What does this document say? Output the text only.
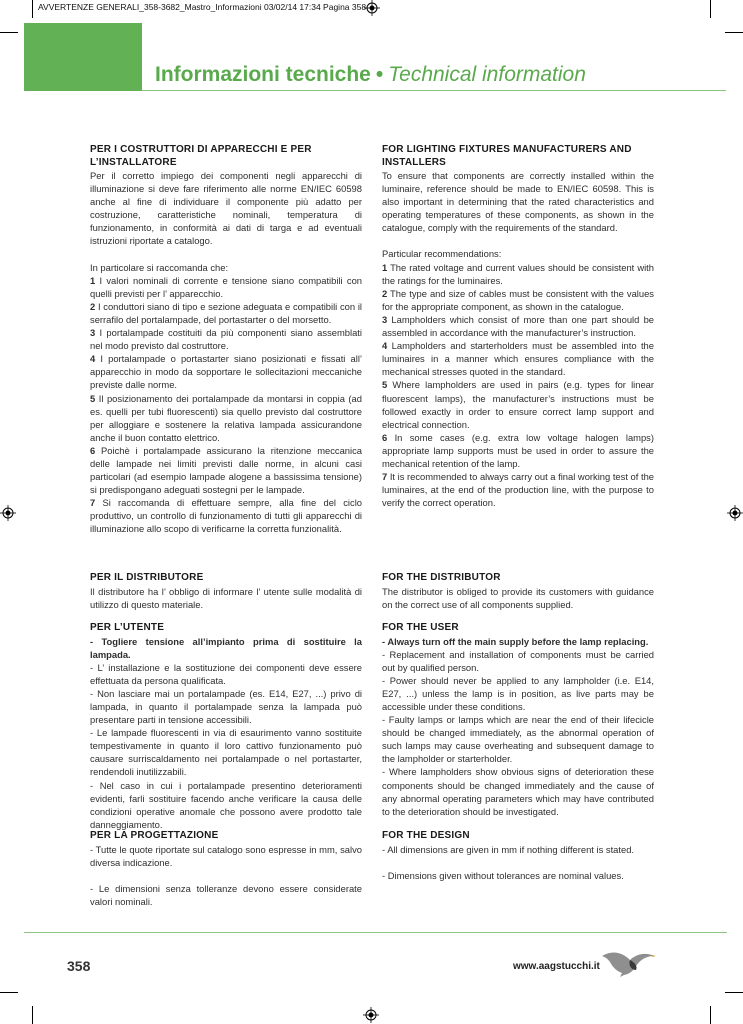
AVVERTENZE GENERALI_358-3682_Mastro_Informazioni 03/02/14 17:34 Pagina 358
Informazioni tecniche • Technical information
PER I COSTRUTTORI DI APPARECCHI E PER L’INSTALLATORE

Per il corretto impiego dei componenti negli apparecchi di illuminazione si deve fare riferimento alle norme EN/IEC 60598 anche al fine di individuare il componente più adatto per costruzione, caratteristiche nominali, temperatura di funzionamento, in conformità ai dati di targa e ad eventuali istruzioni riportate a catalogo.

In particolare si raccomanda che:

1 I valori nominali di corrente e tensione siano compatibili con quelli previsti per l’ apparecchio.

2 I conduttori siano di tipo e sezione adeguata e compatibili con il serrafilo del portalampade, del portastarter o del morsetto.

3 I portalampade costituiti da più componenti siano assemblati nel modo previsto dal costruttore.

4 I portalampade o portastarter siano posizionati e fissati all’ apparecchio in modo da sopportare le sollecitazioni meccaniche previste dalle norme.

5 Il posizionamento dei portalampade da montarsi in coppia (ad es. quelli per tubi fluorescenti) sia quello previsto dal costruttore per alloggiare e sostenere la relativa lampada assicurandone anche il buon contatto elettrico.

6 Poichè i portalampade assicurano la ritenzione meccanica delle lampade nei limiti previsti dalle norme, in alcuni casi particolari (ad esempio lampade alogene a bassissima tensione) si predispongano adeguati sostegni per le lampade.

7 Si raccomanda di effettuare sempre, alla fine del ciclo produttivo, un controllo di funzionamento di tutti gli apparecchi di illuminazione allo scopo di verificarne la corretta funzionalità.

PER IL DISTRIBUTORE

Il distributore ha l’ obbligo di informare l’ utente sulle modalità di utilizzo di questo materiale.

PER L’UTENTE

- Togliere tensione all’impianto prima di sostituire la lampada.

- L’ installazione e la sostituzione dei componenti deve essere effettuata da persona qualificata.

- Non lasciare mai un portalampade (es. E14, E27, ...) privo di lampada, in quanto il portalampade senza la lampada può presentare parti in tensione accessibili.

- Le lampade fluorescenti in via di esaurimento vanno sostituite tempestivamente in quanto il loro cattivo funzionamento può causare surriscaldamento nei portalampade o nel portastarter, rendendoli inutilizzabili.

- Nel caso in cui i portalampade presentino deterioramenti evidenti, farli sostituire facendo anche verificare la causa delle condizioni operative anomale che possono avere prodotto tale danneggiamento.

PER LA PROGETTAZIONE

- Tutte le quote riportate sul catalogo sono espresse in mm, salvo diversa indicazione.

- Le dimensioni senza tolleranze devono essere considerate valori nominali.

FOR LIGHTING FIXTURES MANUFACTURERS AND INSTALLERS

To ensure that components are correctly installed within the luminaire, reference should be made to EN/IEC 60598. This is also important in determining that the rated characteristics and operating temperatures of these components, as shown in the catalogue, comply with the requirements of the standard.

Particular recommendations:

1 The rated voltage and current values should be consistent with the ratings for the luminaires.

2 The type and size of cables must be consistent with the values for the appropriate component, as shown in the catalogue.

3 Lampholders which consist of more than one part should be assembled in accordance with the manufacturer’s instruction.

4 Lampholders and starterholders must be assembled into the luminaires in a manner which ensures compliance with the mechanical stresses quoted in the standard.

5 Where lampholders are used in pairs (e.g. types for linear fluorescent lamps), the manufacturer’s instructions must be followed exactly in order to ensure correct lamp support and electrical connection.

6 In some cases (e.g. extra low voltage halogen lamps) appropriate lamp supports must be used in order to assure the mechanical retention of the lamp.

7 It is recommended to always carry out a final working test of the luminaires, at the end of the production line, with the purpose to verify the correct operation.

FOR THE DISTRIBUTOR

The distributor is obliged to provide its customers with guidance on the correct use of all components supplied.

FOR THE USER

- Always turn off the main supply before the lamp replacing.

- Replacement and installation of components must be carried out by qualified person.

- Power should never be applied to any lampholder (i.e. E14, E27, ...) unless the lamp is in position, as live parts may be accessible under these conditions.

- Faulty lamps or lamps which are near the end of their lifecicle should be changed immediately, as the abnormal operation of such lamps may cause overheating and subsequent damage to the lampholder or starterholder.

- Where lampholders show obvious signs of deterioration these components should be changed immediately and the cause of any abnormal operating parameters which may have contributed to the deterioration should be investigated.

FOR THE DESIGN

- All dimensions are given in mm if nothing different is stated.

- Dimensions given without tolerances are nominal values.

358	www.aagstucchi.it
